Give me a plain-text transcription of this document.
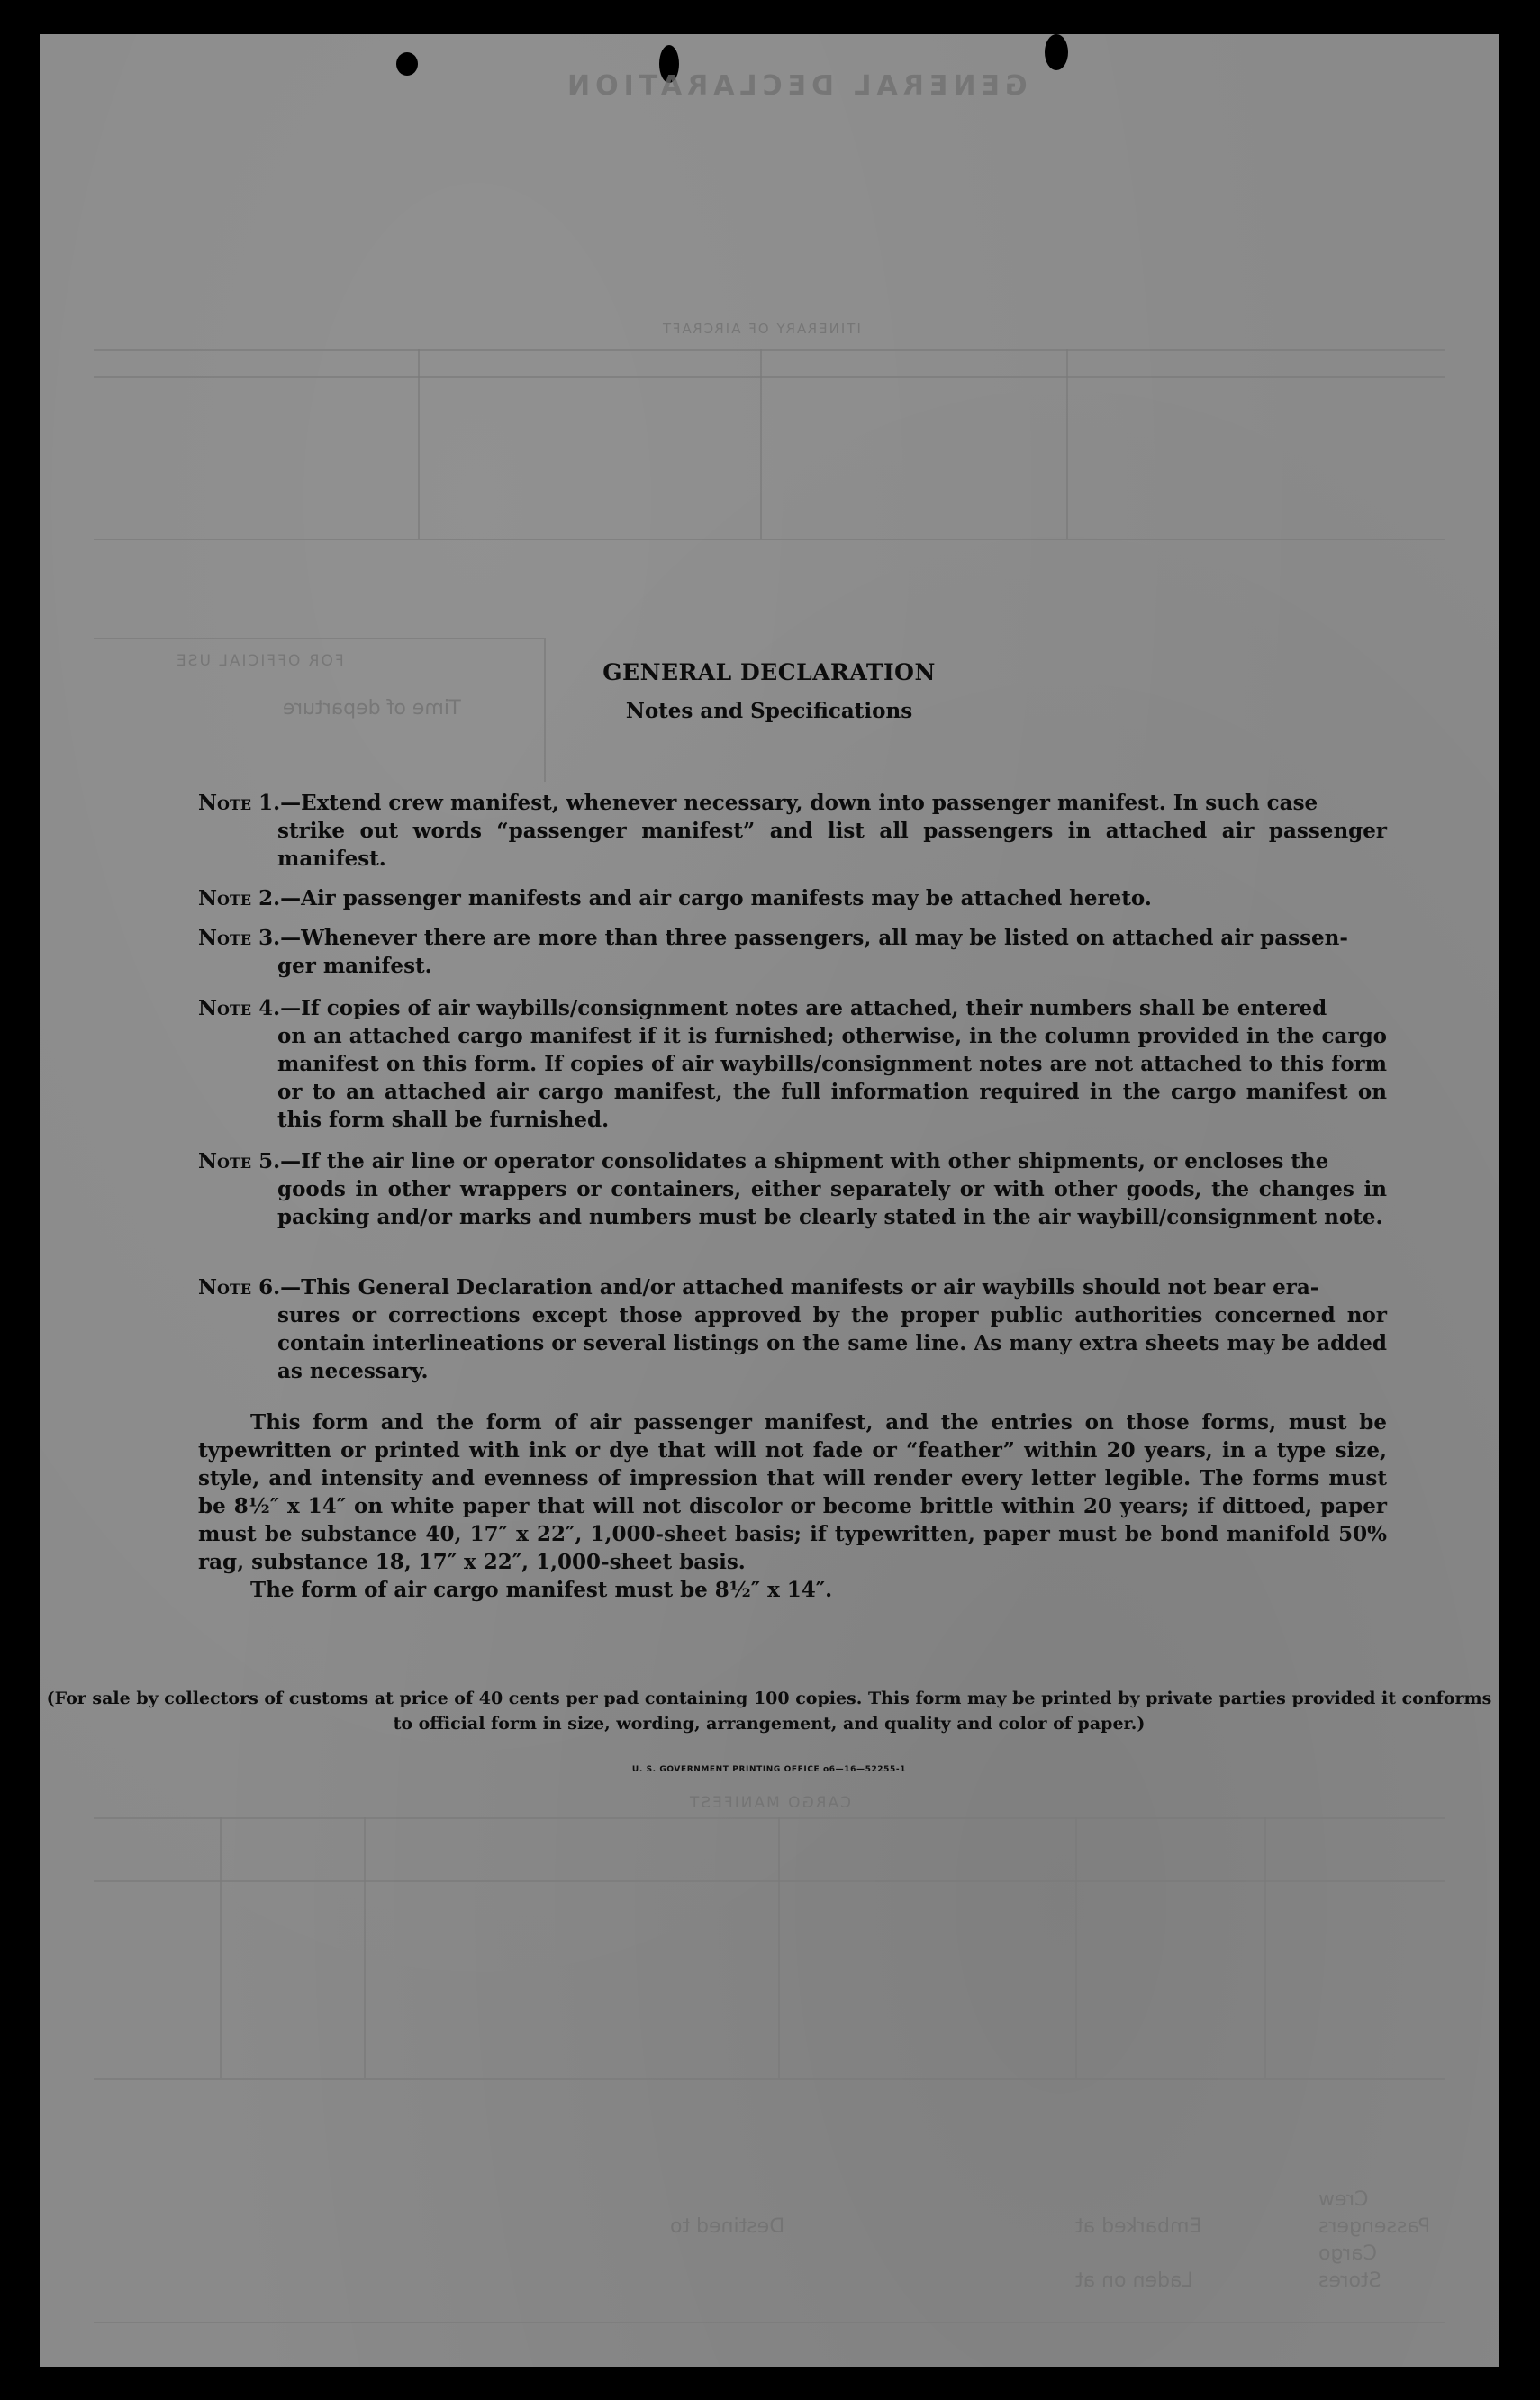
GENERAL DECLARATION
ITINERARY OF AIRCRAFT
FOR OFFICIAL USE
Time of departure
CARGO MANIFEST
Embarked at
Laden on at
Destined to
Crew
Passengers
Cargo
Stores
GENERAL DECLARATION
Notes and Specifications
Note 1.—Extend crew manifest, whenever necessary, down into passenger manifest. In such case
strike out words “passenger manifest” and list all passengers in attached air passenger manifest.
Note 2.—Air passenger manifests and air cargo manifests may be attached hereto.
Note 3.—Whenever there are more than three passengers, all may be listed on attached air passen-
ger manifest.
Note 4.—If copies of air waybills/consignment notes are attached, their numbers shall be entered
on an attached cargo manifest if it is furnished; otherwise, in the column provided in the cargo manifest on this form. If copies of air waybills/consignment notes are not attached to this form or to an attached air cargo manifest, the full information required in the cargo manifest on this form shall be furnished.
Note 5.—If the air line or operator consolidates a shipment with other shipments, or encloses the
goods in other wrappers or containers, either separately or with other goods, the changes in packing and/or marks and numbers must be clearly stated in the air waybill/consignment note.
Note 6.—This General Declaration and/or attached manifests or air waybills should not bear era-
sures or corrections except those approved by the proper public authorities concerned nor contain interlineations or several listings on the same line. As many extra sheets may be added as necessary.
This form and the form of air passenger manifest, and the entries on those forms, must be typewritten or printed with ink or dye that will not fade or “feather” within 20 years, in a type size, style, and intensity and evenness of impression that will render every letter legible. The forms must be 8½″ x 14″ on white paper that will not discolor or become brittle within 20 years; if dittoed, paper must be substance 40, 17″ x 22″, 1,000-sheet basis; if typewritten, paper must be bond manifold 50% rag, substance 18, 17″ x 22″, 1,000-sheet basis.
The form of air cargo manifest must be 8½″ x 14″.
(For sale by collectors of customs at price of 40 cents per pad containing 100 copies. This form may be printed by private parties provided it conforms to official form in size, wording, arrangement, and quality and color of paper.)
U. S. GOVERNMENT PRINTING OFFICE o6—16—52255-1
